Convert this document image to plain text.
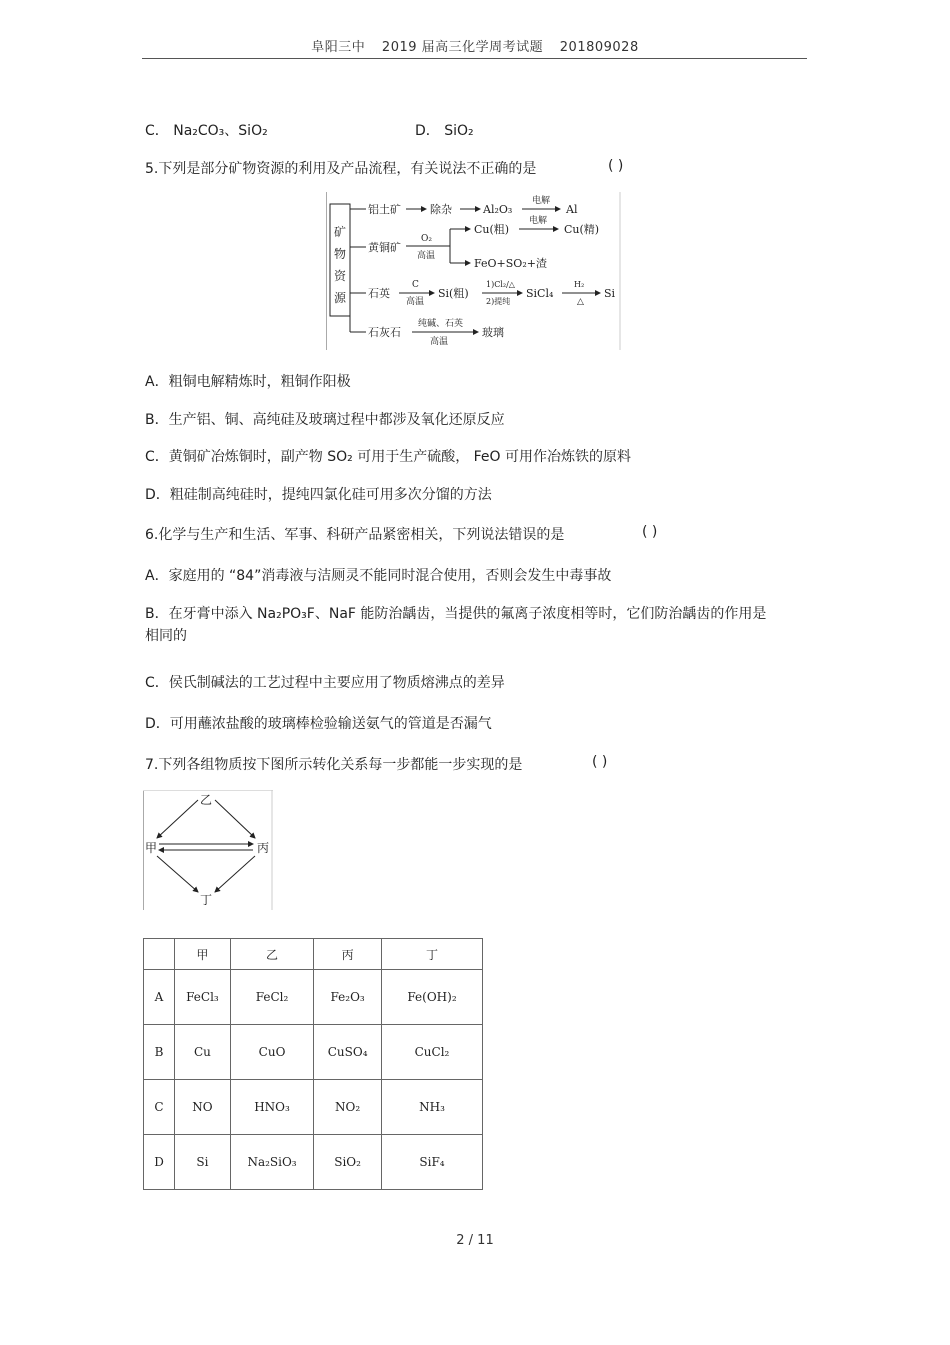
阜阳三中 2019 届高三化学周考试题 201809028
C． Na₂CO₃、SiO₂	D． SiO₂
5.下列是部分矿物资源的利用及产品流程，有关说法不正确的是	( )
矿
物
资
源
铝土矿	除杂	Al₂O₃
电解
Al
黄铜矿
O₂
高温
Cu(粗)
电解
Cu(精)
FeO+SO₂+渣
石英
C
高温
Si(粗)
1)Cl₂/△
2)提纯
SiCl₄
H₂
△
Si
石灰石
纯碱、石英
高温
玻璃
A．粗铜电解精炼时，粗铜作阳极
B．生产铝、铜、高纯硅及玻璃过程中都涉及氧化还原反应
C．黄铜矿冶炼铜时，副产物 SO₂ 可用于生产硫酸， FeO 可用作冶炼铁的原料
D．粗硅制高纯硅时，提纯四氯化硅可用多次分馏的方法
6.化学与生产和生活、军事、科研产品紧密相关，下列说法错误的是	( )
A．家庭用的 “84”消毒液与洁厕灵不能同时混合使用，否则会发生中毒事故
B．在牙膏中添入 Na₂PO₃F、NaF 能防治龋齿，当提供的氟离子浓度相等时，它们防治龋齿的作用是相同的
C．侯氏制碱法的工艺过程中主要应用了物质熔沸点的差异
D．可用蘸浓盐酸的玻璃棒检验输送氨气的管道是否漏气
7.下列各组物质按下图所示转化关系每一步都能一步实现的是	( )
乙
甲	丙
丁
	甲	乙	丙	丁
A	FeCl₃	FeCl₂	Fe₂O₃	Fe(OH)₂
B	Cu	CuO	CuSO₄	CuCl₂
C	NO	HNO₃	NO₂	NH₃
D	Si	Na₂SiO₃	SiO₂	SiF₄
2 / 11
